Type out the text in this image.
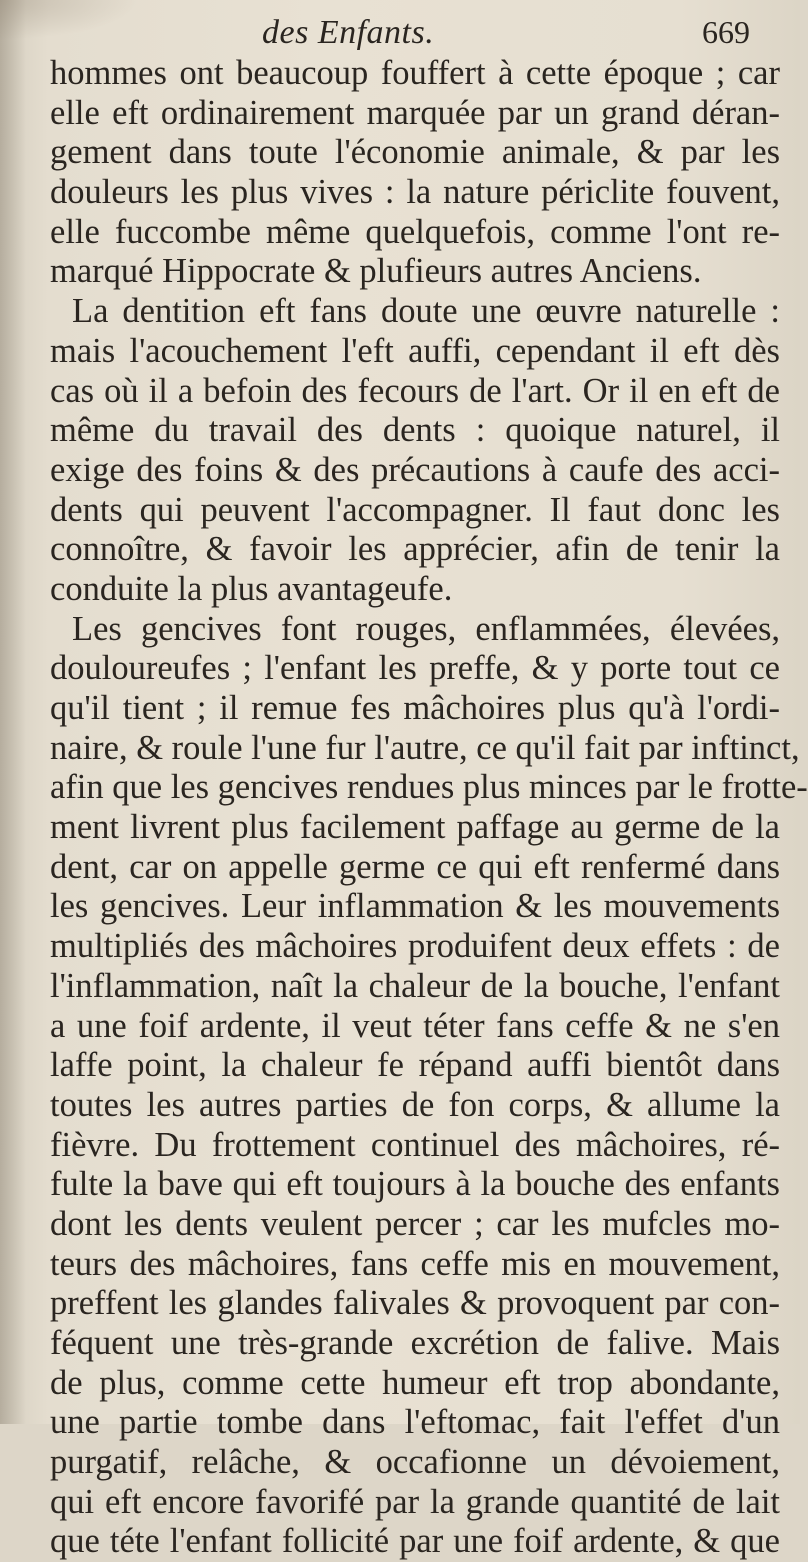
des Enfants.	669
hommes ont beaucoup fouffert à cette époque ; car
elle eft ordinairement marquée par un grand déran-
gement dans toute l'économie animale, & par les
douleurs les plus vives : la nature périclite fouvent,
elle fuccombe même quelquefois, comme l'ont re-
marqué Hippocrate & plufieurs autres Anciens.
La dentition eft fans doute une œuvre naturelle :
mais l'acouchement l'eft auffi, cependant il eft dès
cas où il a befoin des fecours de l'art. Or il en eft de
même du travail des dents : quoique naturel, il
exige des foins & des précautions à caufe des acci-
dents qui peuvent l'accompagner. Il faut donc les
connoître, & favoir les apprécier, afin de tenir la
conduite la plus avantageufe.
Les gencives font rouges, enflammées, élevées,
douloureufes ; l'enfant les preffe, & y porte tout ce
qu'il tient ; il remue fes mâchoires plus qu'à l'ordi-
naire, & roule l'une fur l'autre, ce qu'il fait par inftinct,
afin que les gencives rendues plus minces par le frotte-
ment livrent plus facilement paffage au germe de la
dent, car on appelle germe ce qui eft renfermé dans
les gencives. Leur inflammation & les mouvements
multipliés des mâchoires produifent deux effets : de
l'inflammation, naît la chaleur de la bouche, l'enfant
a une foif ardente, il veut téter fans ceffe & ne s'en
laffe point, la chaleur fe répand auffi bientôt dans
toutes les autres parties de fon corps, & allume la
fièvre. Du frottement continuel des mâchoires, ré-
fulte la bave qui eft toujours à la bouche des enfants
dont les dents veulent percer ; car les mufcles mo-
teurs des mâchoires, fans ceffe mis en mouvement,
preffent les glandes falivales & provoquent par con-
féquent une très-grande excrétion de falive. Mais
de plus, comme cette humeur eft trop abondante,
une partie tombe dans l'eftomac, fait l'effet d'un
purgatif, relâche, & occafionne un dévoiement,
qui eft encore favorifé par la grande quantité de lait
que téte l'enfant follicité par une foif ardente, & que
